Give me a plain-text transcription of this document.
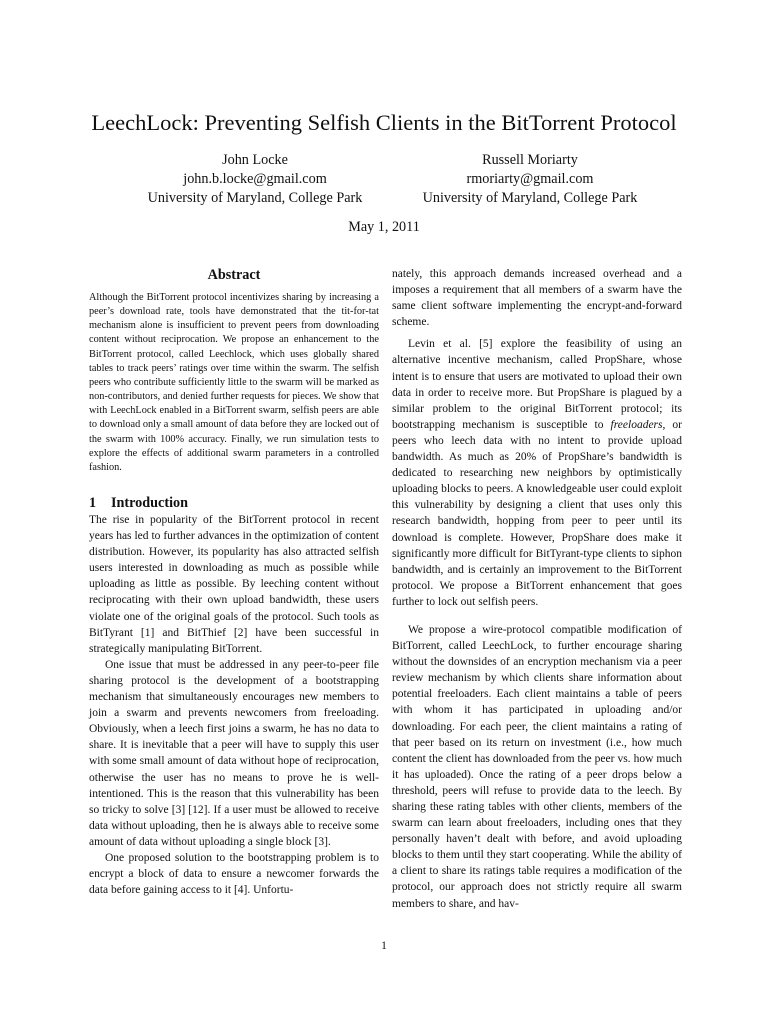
LeechLock: Preventing Selfish Clients in the BitTorrent Protocol
John Locke
john.b.locke@gmail.com
University of Maryland, College Park
Russell Moriarty
rmoriarty@gmail.com
University of Maryland, College Park
May 1, 2011
Abstract
Although the BitTorrent protocol incentivizes sharing by increasing a peer’s download rate, tools have demonstrated that the tit-for-tat mechanism alone is insufficient to prevent peers from downloading content without reciprocation. We propose an enhancement to the BitTorrent protocol, called Leechlock, which uses globally shared tables to track peers’ ratings over time within the swarm. The selfish peers who contribute sufficiently little to the swarm will be marked as non-contributors, and denied further requests for pieces. We show that with LeechLock enabled in a BitTorrent swarm, selfish peers are able to download only a small amount of data before they are locked out of the swarm with 100% accuracy. Finally, we run simulation tests to explore the effects of additional swarm parameters in a controlled fashion.
1 Introduction

The rise in popularity of the BitTorrent protocol in recent years has led to further advances in the optimization of content distribution. However, its popularity has also attracted selfish users interested in downloading as much as possible while uploading as little as possible. By leeching content without reciprocating with their own upload bandwidth, these users violate one of the original goals of the protocol. Such tools as BitTyrant [1] and BitThief [2] have been successful in strategically manipulating BitTorrent.

One issue that must be addressed in any peer-to-peer file sharing protocol is the development of a bootstrapping mechanism that simultaneously encourages new members to join a swarm and prevents newcomers from freeloading. Obviously, when a leech first joins a swarm, he has no data to share. It is inevitable that a peer will have to supply this user with some small amount of data without hope of reciprocation, otherwise the user has no means to prove he is well-intentioned. This is the reason that this vulnerability has been so tricky to solve [3] [12]. If a user must be allowed to receive data without uploading, then he is always able to receive some amount of data without uploading a single block [3].

One proposed solution to the bootstrapping problem is to encrypt a block of data to ensure a newcomer forwards the data before gaining access to it [4]. Unfortu-

nately, this approach demands increased overhead and a imposes a requirement that all members of a swarm have the same client software implementing the encrypt-and-forward scheme.

Levin et al. [5] explore the feasibility of using an alternative incentive mechanism, called PropShare, whose intent is to ensure that users are motivated to upload their own data in order to receive more. But PropShare is plagued by a similar problem to the original BitTorrent protocol; its bootstrapping mechanism is susceptible to freeloaders, or peers who leech data with no intent to provide upload bandwidth. As much as 20% of PropShare’s bandwidth is dedicated to researching new neighbors by optimistically uploading blocks to peers. A knowledgeable user could exploit this vulnerability by designing a client that uses only this research bandwidth, hopping from peer to peer until its download is complete. However, PropShare does make it significantly more difficult for BitTyrant-type clients to siphon bandwidth, and is certainly an improvement to the BitTorrent protocol. We propose a BitTorrent enhancement that goes further to lock out selfish peers.

We propose a wire-protocol compatible modification of BitTorrent, called LeechLock, to further encourage sharing without the downsides of an encryption mechanism via a peer review mechanism by which clients share information about potential freeloaders. Each client maintains a table of peers with whom it has participated in uploading and/or downloading. For each peer, the client maintains a rating of that peer based on its return on investment (i.e., how much content the client has downloaded from the peer vs. how much it has uploaded). Once the rating of a peer drops below a threshold, peers will refuse to provide data to the leech. By sharing these rating tables with other clients, members of the swarm can learn about freeloaders, including ones that they personally haven’t dealt with before, and avoid uploading blocks to them until they start cooperating. While the ability of a client to share its ratings table requires a modification of the protocol, our approach does not strictly require all swarm members to share, and hav-

1
